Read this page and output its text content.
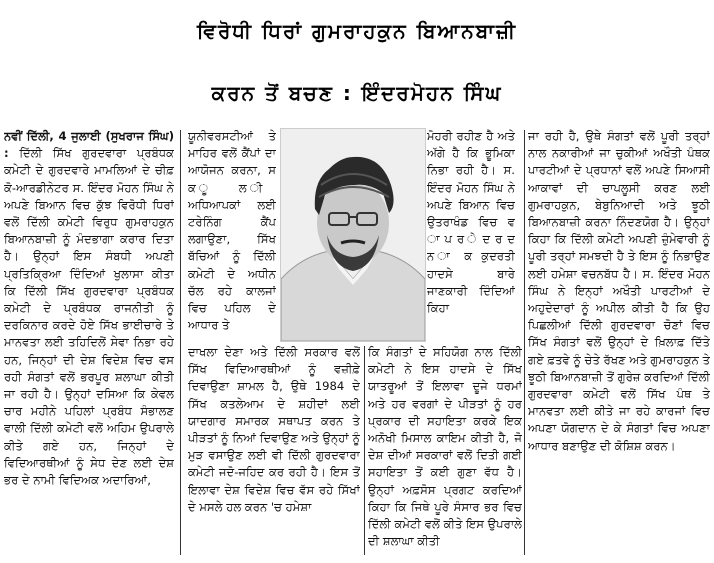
ਵਿਰੋਧੀ ਧਿਰਾਂ ਗੁਮਰਾਹਕੁਨ ਬਿਆਨਬਾਜ਼ੀ
ਕਰਨ ਤੋਂ ਬਚਣ : ਇੰਦਰਮੋਹਨ ਸਿੰਘ

ਨਵੀਂ ਦਿੱਲੀ, 4 ਜੁਲਾਈ (ਸੁਖਰਾਜ ਸਿੰਘ) : ਦਿੱਲੀ ਸਿੱਖ ਗੁਰਦਵਾਰਾ ਪ੍ਰਬੰਧਕ ਕਮੇਟੀ ਦੇ ਗੁਰਦਵਾਰੇ ਮਾਮਲਿਆਂ ਦੇ ਚੀਫ਼ ਕੋ-ਆਰਡੀਨੇਟਰ ਸ. ਇੰਦਰ ਮੋਹਨ ਸਿੰਘ ਨੇ ਅਪਣੇ ਬਿਆਨ ਵਿਚ ਕੁੱਝ ਵਿਰੋਧੀ ਧਿਰਾਂ ਵਲੋਂ ਦਿੱਲੀ ਕਮੇਟੀ ਵਿਰੁਧ ਗੁਮਰਾਹਕੁਨ ਬਿਆਨਬਾਜ਼ੀ ਨੂੰ ਮੰਦਭਾਗਾ ਕਰਾਰ ਦਿਤਾ ਹੈ। ਉਨ੍ਹਾਂ ਇਸ ਸੰਬਧੀ ਅਪਣੀ ਪ੍ਰਤਿਕ੍ਰਿਆ ਦਿੰਦਿਆਂ ਖੁਲਾਸਾ ਕੀਤਾ ਕਿ ਦਿੱਲੀ ਸਿੱਖ ਗੁਰਦਵਾਰਾ ਪ੍ਰਬੰਧਕ ਕਮੇਟੀ ਦੇ ਪ੍ਰਬੰਧਕ ਰਾਜਨੀਤੀ ਨੂੰ ਦਰਕਿਨਾਰ ਕਰਦੇ ਹੋਏ ਸਿੱਖ ਭਾਈਚਾਰੇ ਤੇ ਮਾਨਵਤਾ ਲਈ ਤਹਿਦਿਲੋਂ ਸੇਵਾ ਨਿਭਾ ਰਹੇ ਹਨ, ਜਿਨ੍ਹਾਂ ਦੀ ਦੇਸ਼ ਵਿਦੇਸ਼ ਵਿਚ ਵਸ ਰਹੀ ਸੰਗਤਾਂ ਵਲੋਂ ਭਰਪੂਰ ਸ਼ਲਾਘਾ ਕੀਤੀ ਜਾ ਰਹੀ ਹੈ। ਉਨ੍ਹਾਂ ਦਸਿਆ ਕਿ ਕੇਵਲ ਚਾਰ ਮਹੀਨੇ ਪਹਿਲਾਂ ਪ੍ਰਬੰਧ ਸੰਭਾਲਣ ਵਾਲੀ ਦਿੱਲੀ ਕਮੇਟੀ ਵਲੋਂ ਅਹਿਮ ਉਪਰਾਲੇ ਕੀਤੇ ਗਏ ਹਨ, ਜਿਨ੍ਹਾਂ ਦੇ ਵਿਦਿਆਰਥੀਆਂ ਨੂੰ ਸੇਧ ਦੇਣ ਲਈ ਦੇਸ਼ ਭਰ ਦੇ ਨਾਮੀ ਵਿਦਿਅਕ ਅਦਾਰਿਆਂ,

ਯੂਨੀਵਰਸਟੀਆਂ ਤੇ ਮਾਹਿਰ ਵਲੋਂ ਕੈਂਪਾਂ ਦਾ ਆਯੋਜਨ ਕਰਨਾ, ਸ ਕ ੂ ਲ ੀ ਅਧਿਆਪਕਾਂ ਲਈ ਟਰੇਨਿੰਗ ਕੈਂਪ ਲਗਾਉਣਾ, ਸਿੱਖ ਬੱਚਿਆਂ ਨੂੰ ਦਿੱਲੀ ਕਮੇਟੀ ਦੇ ਅਧੀਨ ਚੱਲ ਰਹੇ ਕਾਲਜਾਂ ਵਿਚ ਪਹਿਲ ਦੇ ਆਧਾਰ ਤੇ

ਮੋਹਰੀ ਰਹੀਣ ਹੈ ਅਤੇ ਅੱਗੇ ਹੈ ਕਿ ਭੂਮਿਕਾ ਨਿਭਾ ਰਹੀ ਹੈ। ਸ. ਇੰਦਰ ਮੋਹਨ ਸਿੰਘ ਨੇ ਅਪਣੇ ਬਿਆਨ ਵਿਚ ਉਤਰਾਖੰਡ ਵਿਚ ਵ ਾ ਪ ਰ ੇ ਦ ਰ ਦ ਨ ਾ ਕ ਕੁਦਰਤੀ ਹਾਦਸੇ ਬਾਰੇ ਜਾਣਕਾਰੀ ਦਿੰਦਿਆਂ ਕਿਹਾ

ਦਾਖਲਾ ਦੇਣਾ ਅਤੇ ਦਿੱਲੀ ਸਰਕਾਰ ਵਲੋਂ ਸਿੱਖ ਵਿਦਿਆਰਥੀਆਂ ਨੂੰ ਵਜ਼ੀਫ਼ੇ ਦਿਵਾਉਣਾ ਸ਼ਾਮਲ ਹੈ, ਉਥੇ 1984 ਦੇ ਸਿੱਖ ਕਤਲੇਆਮ ਦੇ ਸ਼ਹੀਦਾਂ ਲਈ ਯਾਦਗਾਰ ਸਮਾਰਕ ਸਥਾਪਤ ਕਰਨ ਤੇ ਪੀੜਤਾਂ ਨੂੰ ਨਿਆਂ ਦਿਵਾਉਣ ਅਤੇ ਉਨ੍ਹਾਂ ਨੂੰ ਮੁੜ ਵਸਾਉਣ ਲਈ ਵੀ ਦਿੱਲੀ ਗੁਰਦਵਾਰਾ ਕਮੇਟੀ ਜਦੋ-ਜਹਿਦ ਕਰ ਰਹੀ ਹੈ। ਇਸ ਤੋਂ ਇਲਾਵਾ ਦੇਸ਼ ਵਿਦੇਸ਼ ਵਿਚ ਵੱਸ ਰਹੇ ਸਿੱਖਾਂ ਦੇ ਮਸਲੇ ਹਲ ਕਰਨ 'ਚ ਹਮੇਸ਼ਾ

ਕਿ ਸੰਗਤਾਂ ਦੇ ਸਹਿਯੋਗ ਨਾਲ ਦਿੱਲੀ ਕਮੇਟੀ ਨੇ ਇਸ ਹਾਦਸੇ ਦੇ ਸਿੱਖ ਯਾਤਰੂਆਂ ਤੋਂ ਇਲਾਵਾ ਦੂਜੇ ਧਰਮਾਂ ਅਤੇ ਹਰ ਵਰਗਾਂ ਦੇ ਪੀੜਤਾਂ ਨੂੰ ਹਰ ਪ੍ਰਕਾਰ ਦੀ ਸਹਾਇਤਾ ਕਰਕੇ ਇਕ ਅਨੋਖੀ ਮਿਸਾਲ ਕਾਇਮ ਕੀਤੀ ਹੈ, ਜੋ ਦੇਸ਼ ਦੀਆਂ ਸਰਕਾਰਾਂ ਵਲੋਂ ਦਿਤੀ ਗਈ ਸਹਾਇਤਾ ਤੋਂ ਕਈ ਗੁਣਾ ਵੱਧ ਹੈ। ਉਨ੍ਹਾਂ ਅਫ਼ਸੋਸ ਪ੍ਰਗਟ ਕਰਦਿਆਂ ਕਿਹਾ ਕਿ ਜਿਥੇ ਪੂਰੇ ਸੰਸਾਰ ਭਰ ਵਿਚ ਦਿੱਲੀ ਕਮੇਟੀ ਵਲੋਂ ਕੀਤੇ ਇਸ ਉਪਰਾਲੇ ਦੀ ਸ਼ਲਾਘਾ ਕੀਤੀ

ਜਾ ਰਹੀ ਹੈ, ਉਥੇ ਸੰਗਤਾਂ ਵਲੋਂ ਪੂਰੀ ਤਰ੍ਹਾਂ ਨਾਲ ਨਕਾਰੀਆਂ ਜਾ ਚੁਕੀਆਂ ਅਖੌਤੀ ਪੰਥਕ ਪਾਰਟੀਆਂ ਦੇ ਪ੍ਰਧਾਨਾਂ ਵਲੋਂ ਅਪਣੇ ਸਿਆਸੀ ਆਕਾਵਾਂ ਦੀ ਚਾਪਲੂਸੀ ਕਰਣ ਲਈ ਗੁਮਰਾਹਕੁਨ, ਬੇਬੁਨਿਆਦੀ ਅਤੇ ਝੂਠੀ ਬਿਆਨਬਾਜ਼ੀ ਕਰਨਾ ਨਿੰਦਣਯੋਗ ਹੈ। ਉਨ੍ਹਾਂ ਕਿਹਾ ਕਿ ਦਿੱਲੀ ਕਮੇਟੀ ਅਪਣੀ ਜ਼ੁੰਮੇਵਾਰੀ ਨੂੰ ਪੂਰੀ ਤਰ੍ਹਾਂ ਸਮਝਦੀ ਹੈ ਤੇ ਇਸ ਨੂੰ ਨਿਭਾਉਣ ਲਈ ਹਮੇਸ਼ਾ ਵਚਨਬੱਧ ਹੈ। ਸ. ਇੰਦਰ ਮੋਹਨ ਸਿੰਘ ਨੇ ਇਨ੍ਹਾਂ ਅਖੌਤੀ ਪਾਰਟੀਆਂ ਦੇ ਅਹੁਦੇਦਾਰਾਂ ਨੂੰ ਅਪੀਲ ਕੀਤੀ ਹੈ ਕਿ ਉਹ ਪਿਛਲੀਆਂ ਦਿੱਲੀ ਗੁਰਦਵਾਰਾ ਚੋਣਾਂ ਵਿਚ ਸਿੱਖ ਸੰਗਤਾਂ ਵਲੋਂ ਉਨ੍ਹਾਂ ਦੇ ਖ਼ਿਲਾਫ਼ ਦਿੱਤੇ ਗਏ ਫ਼ਤਵੇ ਨੂੰ ਚੇਤੇ ਰੱਖਣ ਅਤੇ ਗੁਮਰਾਹਕੁਨ ਤੇ ਝੂਠੀ ਬਿਆਨਬਾਜ਼ੀ ਤੋਂ ਗੁਰੇਜ਼ ਕਰਦਿਆਂ ਦਿੱਲੀ ਗੁਰਦਵਾਰਾ ਕਮੇਟੀ ਵਲੋਂ ਸਿੱਖ ਪੰਥ ਤੇ ਮਾਨਵਤਾ ਲਈ ਕੀਤੇ ਜਾ ਰਹੇ ਕਾਰਜਾਂ ਵਿਚ ਅਪਣਾ ਯੋਗਦਾਨ ਦੇ ਕੇ ਸੰਗਤਾਂ ਵਿਚ ਅਪਣਾ ਆਧਾਰ ਬਣਾਉਣ ਦੀ ਕੋਸ਼ਿਸ਼ ਕਰਨ।
